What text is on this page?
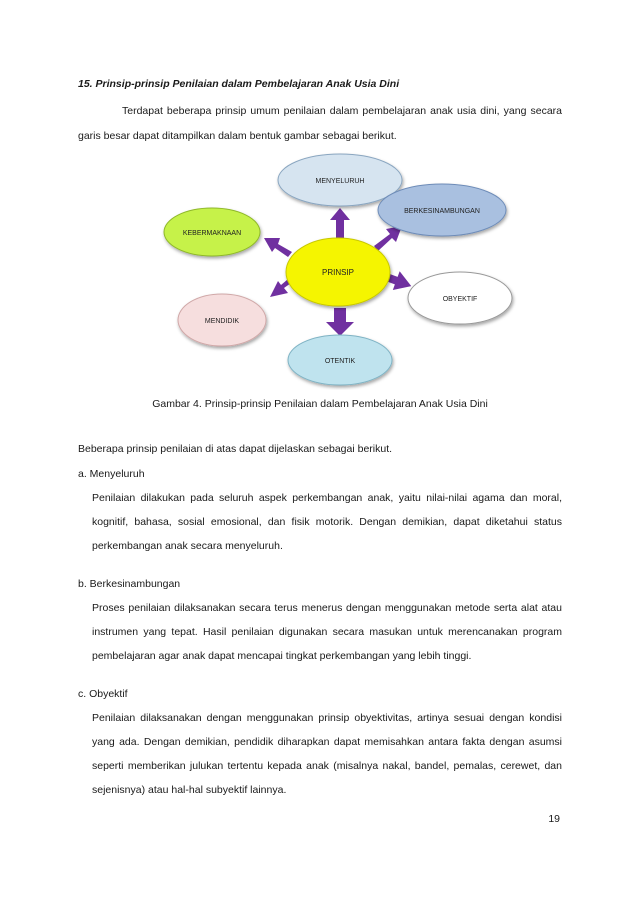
15. Prinsip-prinsip Penilaian dalam Pembelajaran Anak Usia Dini
Terdapat beberapa prinsip umum penilaian dalam pembelajaran anak usia dini, yang secara garis besar dapat ditampilkan dalam bentuk gambar sebagai berikut.
PRINSIP
MENYELURUH
BERKESINAMBUNGAN
OBYEKTIF
OTENTIK
MENDIDIK
KEBERMAKNAAN
Gambar 4. Prinsip-prinsip Penilaian dalam Pembelajaran Anak Usia Dini
Beberapa prinsip penilaian di atas dapat dijelaskan sebagai berikut.
a. Menyeluruh
Penilaian dilakukan pada seluruh aspek perkembangan anak, yaitu nilai-nilai agama dan moral, kognitif, bahasa, sosial emosional, dan fisik motorik. Dengan demikian, dapat diketahui status perkembangan anak secara menyeluruh.
b. Berkesinambungan
Proses penilaian dilaksanakan secara terus menerus dengan menggunakan metode serta alat atau instrumen yang tepat. Hasil penilaian digunakan secara masukan untuk merencanakan program pembelajaran agar anak dapat mencapai tingkat perkembangan yang lebih tinggi.
c. Obyektif
Penilaian dilaksanakan dengan menggunakan prinsip obyektivitas, artinya sesuai dengan kondisi yang ada. Dengan demikian, pendidik diharapkan dapat memisahkan antara fakta dengan asumsi seperti memberikan julukan tertentu kepada anak (misalnya nakal, bandel, pemalas, cerewet, dan sejenisnya) atau hal-hal subyektif lainnya.
19
